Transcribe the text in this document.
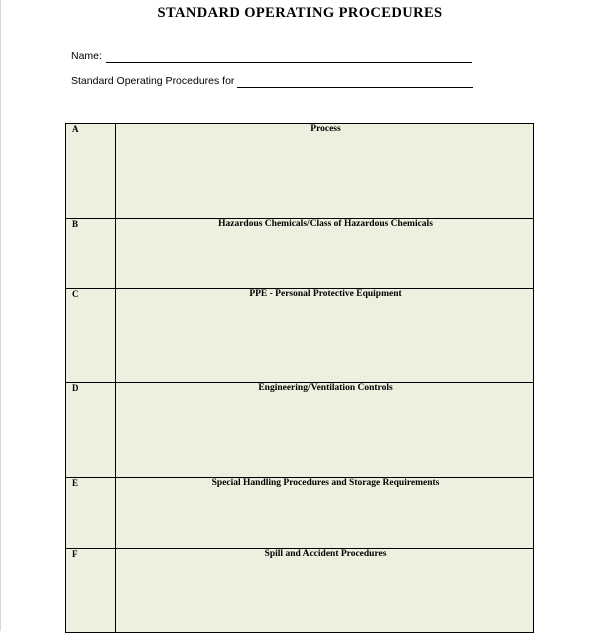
STANDARD OPERATING PROCEDURES
Name:
Standard Operating Procedures for
A	Process
B	Hazardous Chemicals/Class of Hazardous Chemicals
C	PPE - Personal Protective Equipment
D	Engineering/Ventilation Controls
E	Special Handling Procedures and Storage Requirements
F	Spill and Accident Procedures
